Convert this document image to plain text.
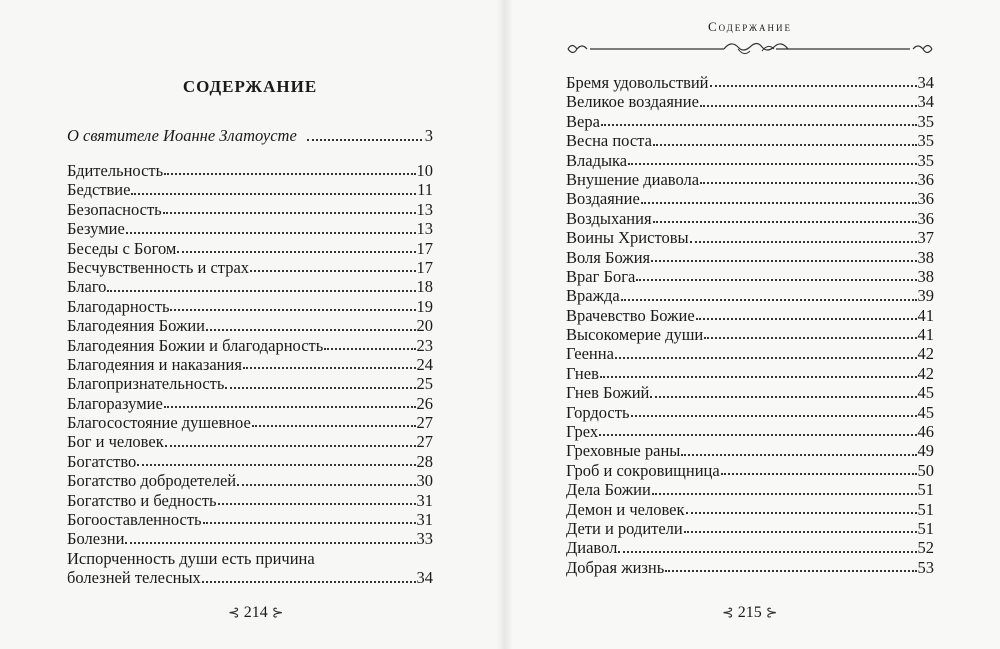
СОДЕРЖАНИЕ
О святителе Иоанне Златоусте	3
Бдительность	10
Бедствие	11
Безопасность	13
Безумие	13
Беседы с Богом	17
Бесчувственность и страх	17
Благо	18
Благодарность	19
Благодеяния Божии	20
Благодеяния Божии и благодарность	23
Благодеяния и наказания	24
Благопризнательность	25
Благоразумие	26
Благосостояние душевное	27
Бог и человек	27
Богатство	28
Богатство добродетелей	30
Богатство и бедность	31
Богооставленность	31
Болезни	33
Испорченность души есть причина
болезней телесных	34
⊰ 214 ⊱
Содержание
Бремя удовольствий	34
Великое воздаяние	34
Вера	35
Весна поста	35
Владыка	35
Внушение диавола	36
Воздаяние	36
Воздыхания	36
Воины Христовы	37
Воля Божия	38
Враг Бога	38
Вражда	39
Врачевство Божие	41
Высокомерие души	41
Геенна	42
Гнев	42
Гнев Божий	45
Гордость	45
Грех	46
Греховные раны	49
Гроб и сокровищница	50
Дела Божии	51
Демон и человек	51
Дети и родители	51
Диавол	52
Добрая жизнь	53
⊰ 215 ⊱
